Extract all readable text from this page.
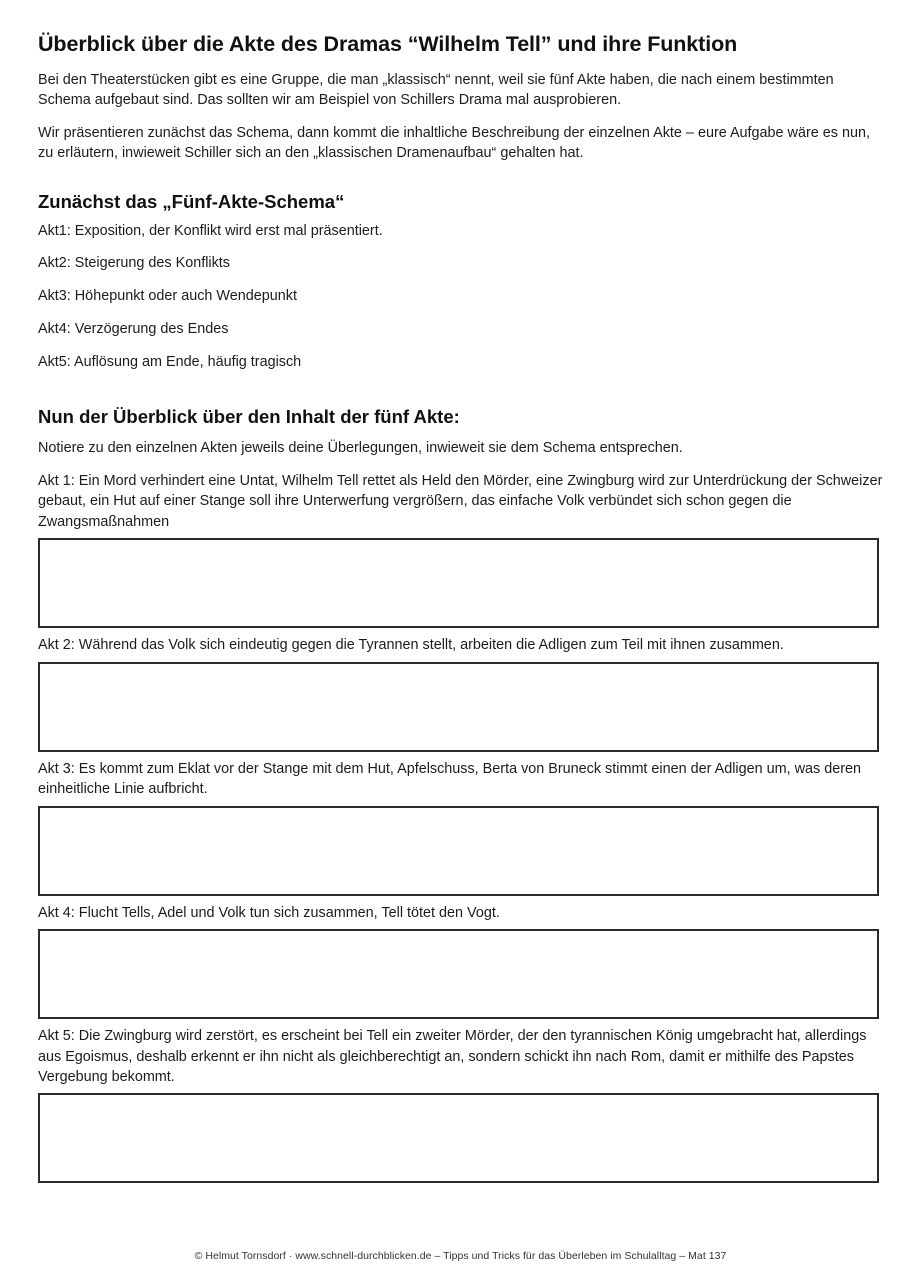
Überblick über die Akte des Dramas “Wilhelm Tell” und ihre Funktion

Bei den Theaterstücken gibt es eine Gruppe, die man „klassisch“ nennt, weil sie fünf Akte haben, die nach einem bestimmten Schema aufgebaut sind. Das sollten wir am Beispiel von Schillers Drama mal ausprobieren.

Wir präsentieren zunächst das Schema, dann kommt die inhaltliche Beschreibung der einzelnen Akte – eure Aufgabe wäre es nun, zu erläutern, inwieweit Schiller sich an den „klassischen Dramenaufbau“ gehalten hat.

Zunächst das „Fünf-Akte-Schema“

Akt1: Exposition, der Konflikt wird erst mal präsentiert.

Akt2: Steigerung des Konflikts

Akt3: Höhepunkt oder auch Wendepunkt

Akt4: Verzögerung des Endes

Akt5: Auflösung am Ende, häufig tragisch

Nun der Überblick über den Inhalt der fünf Akte:

Notiere zu den einzelnen Akten jeweils deine Überlegungen, inwieweit sie dem Schema entsprechen.

Akt 1: Ein Mord verhindert eine Untat, Wilhelm Tell rettet als Held den Mörder, eine Zwingburg wird zur Unterdrückung der Schweizer gebaut, ein Hut auf einer Stange soll ihre Unterwerfung vergrößern, das einfache Volk verbündet sich schon gegen die Zwangsmaßnahmen

Akt 2: Während das Volk sich eindeutig gegen die Tyrannen stellt, arbeiten die Adligen zum Teil mit ihnen zusammen.

Akt 3: Es kommt zum Eklat vor der Stange mit dem Hut, Apfelschuss, Berta von Bruneck stimmt einen der Adligen um, was deren einheitliche Linie aufbricht.

Akt 4: Flucht Tells, Adel und Volk tun sich zusammen, Tell tötet den Vogt.

Akt 5: Die Zwingburg wird zerstört, es erscheint bei Tell ein zweiter Mörder, der den tyrannischen König umgebracht hat, allerdings aus Egoismus, deshalb erkennt er ihn nicht als gleichberechtigt an, sondern schickt ihn nach Rom, damit er mithilfe des Papstes Vergebung bekommt.

© Helmut Tornsdorf · www.schnell-durchblicken.de – Tipps und Tricks für das Überleben im Schulalltag – Mat 137
